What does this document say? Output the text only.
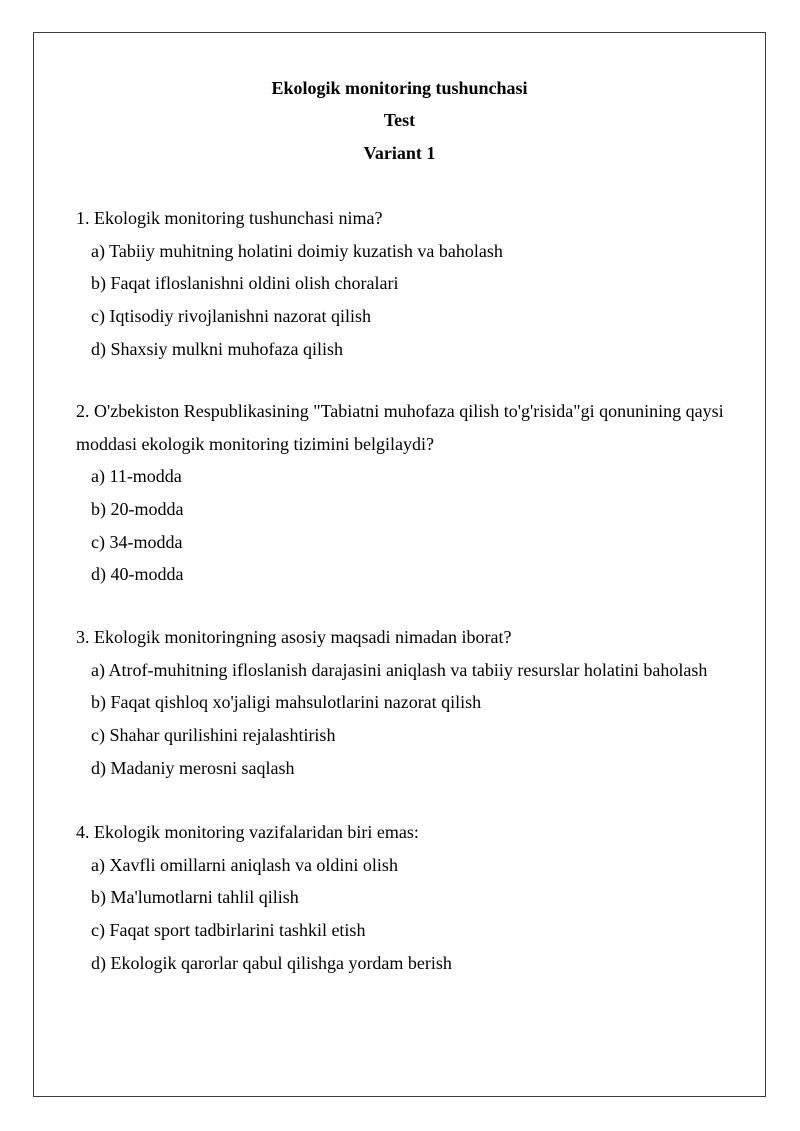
Ekologik monitoring tushunchasi
Test
Variant 1

1. Ekologik monitoring tushunchasi nima?

a) Tabiiy muhitning holatini doimiy kuzatish va baholash
b) Faqat ifloslanishni oldini olish choralari
c) Iqtisodiy rivojlanishni nazorat qilish
d) Shaxsiy mulkni muhofaza qilish

2. O'zbekiston Respublikasining "Tabiatni muhofaza qilish to'g'risida"gi qonunining qaysi moddasi ekologik monitoring tizimini belgilaydi?

a) 11-modda
b) 20-modda
c) 34-modda
d) 40-modda

3. Ekologik monitoringning asosiy maqsadi nimadan iborat?

a) Atrof-muhitning ifloslanish darajasini aniqlash va tabiiy resurslar holatini baholash
b) Faqat qishloq xo'jaligi mahsulotlarini nazorat qilish
c) Shahar qurilishini rejalashtirish
d) Madaniy merosni saqlash

4. Ekologik monitoring vazifalaridan biri emas:

a) Xavfli omillarni aniqlash va oldini olish
b) Ma'lumotlarni tahlil qilish
c) Faqat sport tadbirlarini tashkil etish
d) Ekologik qarorlar qabul qilishga yordam berish
